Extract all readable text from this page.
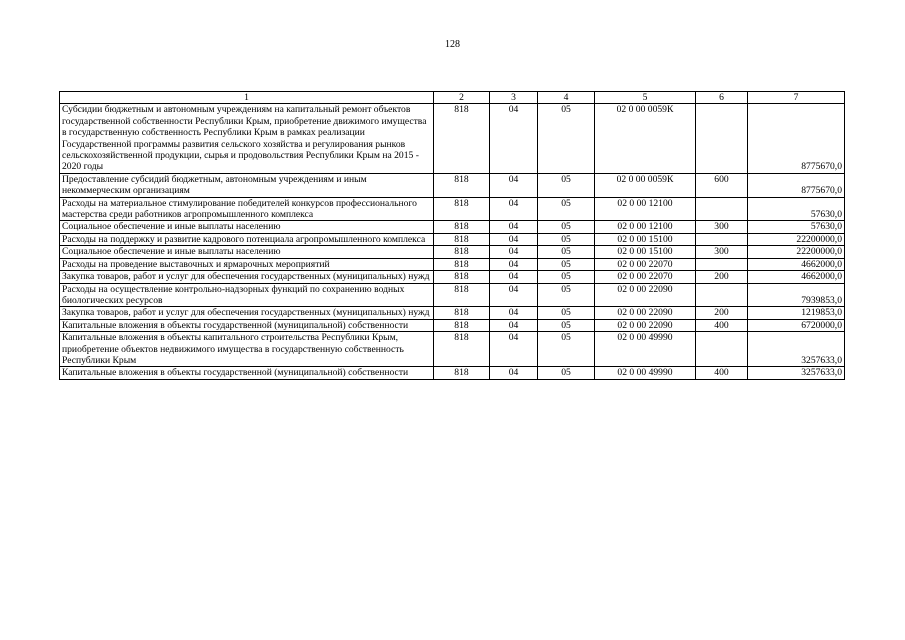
128
1	2	3	4	5	6	7
Субсидии бюджетным и автономным учреждениям на капитальный ремонт объектов государственной собственности Республики Крым, приобретение движимого имущества в государственную собственность Республики Крым в рамках реализации Государственной программы развития сельского хозяйства и регулирования рынков сельскохозяйственной продукции, сырья и продовольствия Республики Крым на 2015 - 2020 годы	818	04	05	02 0 00 0059К		8775670,0
Предоставление субсидий бюджетным, автономным учреждениям и иным некоммерческим организациям	818	04	05	02 0 00 0059К	600	8775670,0
Расходы на материальное стимулирование победителей конкурсов профессионального мастерства среди работников агропромышленного комплекса	818	04	05	02 0 00 12100		57630,0
Социальное обеспечение и иные выплаты населению	818	04	05	02 0 00 12100	300	57630,0
Расходы на поддержку и развитие кадрового потенциала агропромышленного комплекса	818	04	05	02 0 00 15100		22200000,0
Социальное обеспечение и иные выплаты населению	818	04	05	02 0 00 15100	300	22200000,0
Расходы на проведение выставочных и ярмарочных мероприятий	818	04	05	02 0 00 22070		4662000,0
Закупка товаров, работ и услуг для обеспечения государственных (муниципальных) нужд	818	04	05	02 0 00 22070	200	4662000,0
Расходы на осуществление контрольно-надзорных функций по сохранению водных биологических ресурсов	818	04	05	02 0 00 22090		7939853,0
Закупка товаров, работ и услуг для обеспечения государственных (муниципальных) нужд	818	04	05	02 0 00 22090	200	1219853,0
Капитальные вложения в объекты государственной (муниципальной) собственности	818	04	05	02 0 00 22090	400	6720000,0
Капитальные вложения в объекты капитального строительства Республики Крым, приобретение объектов недвижимого имущества в государственную собственность Республики Крым	818	04	05	02 0 00 49990		3257633,0
Капитальные вложения в объекты государственной (муниципальной) собственности	818	04	05	02 0 00 49990	400	3257633,0
